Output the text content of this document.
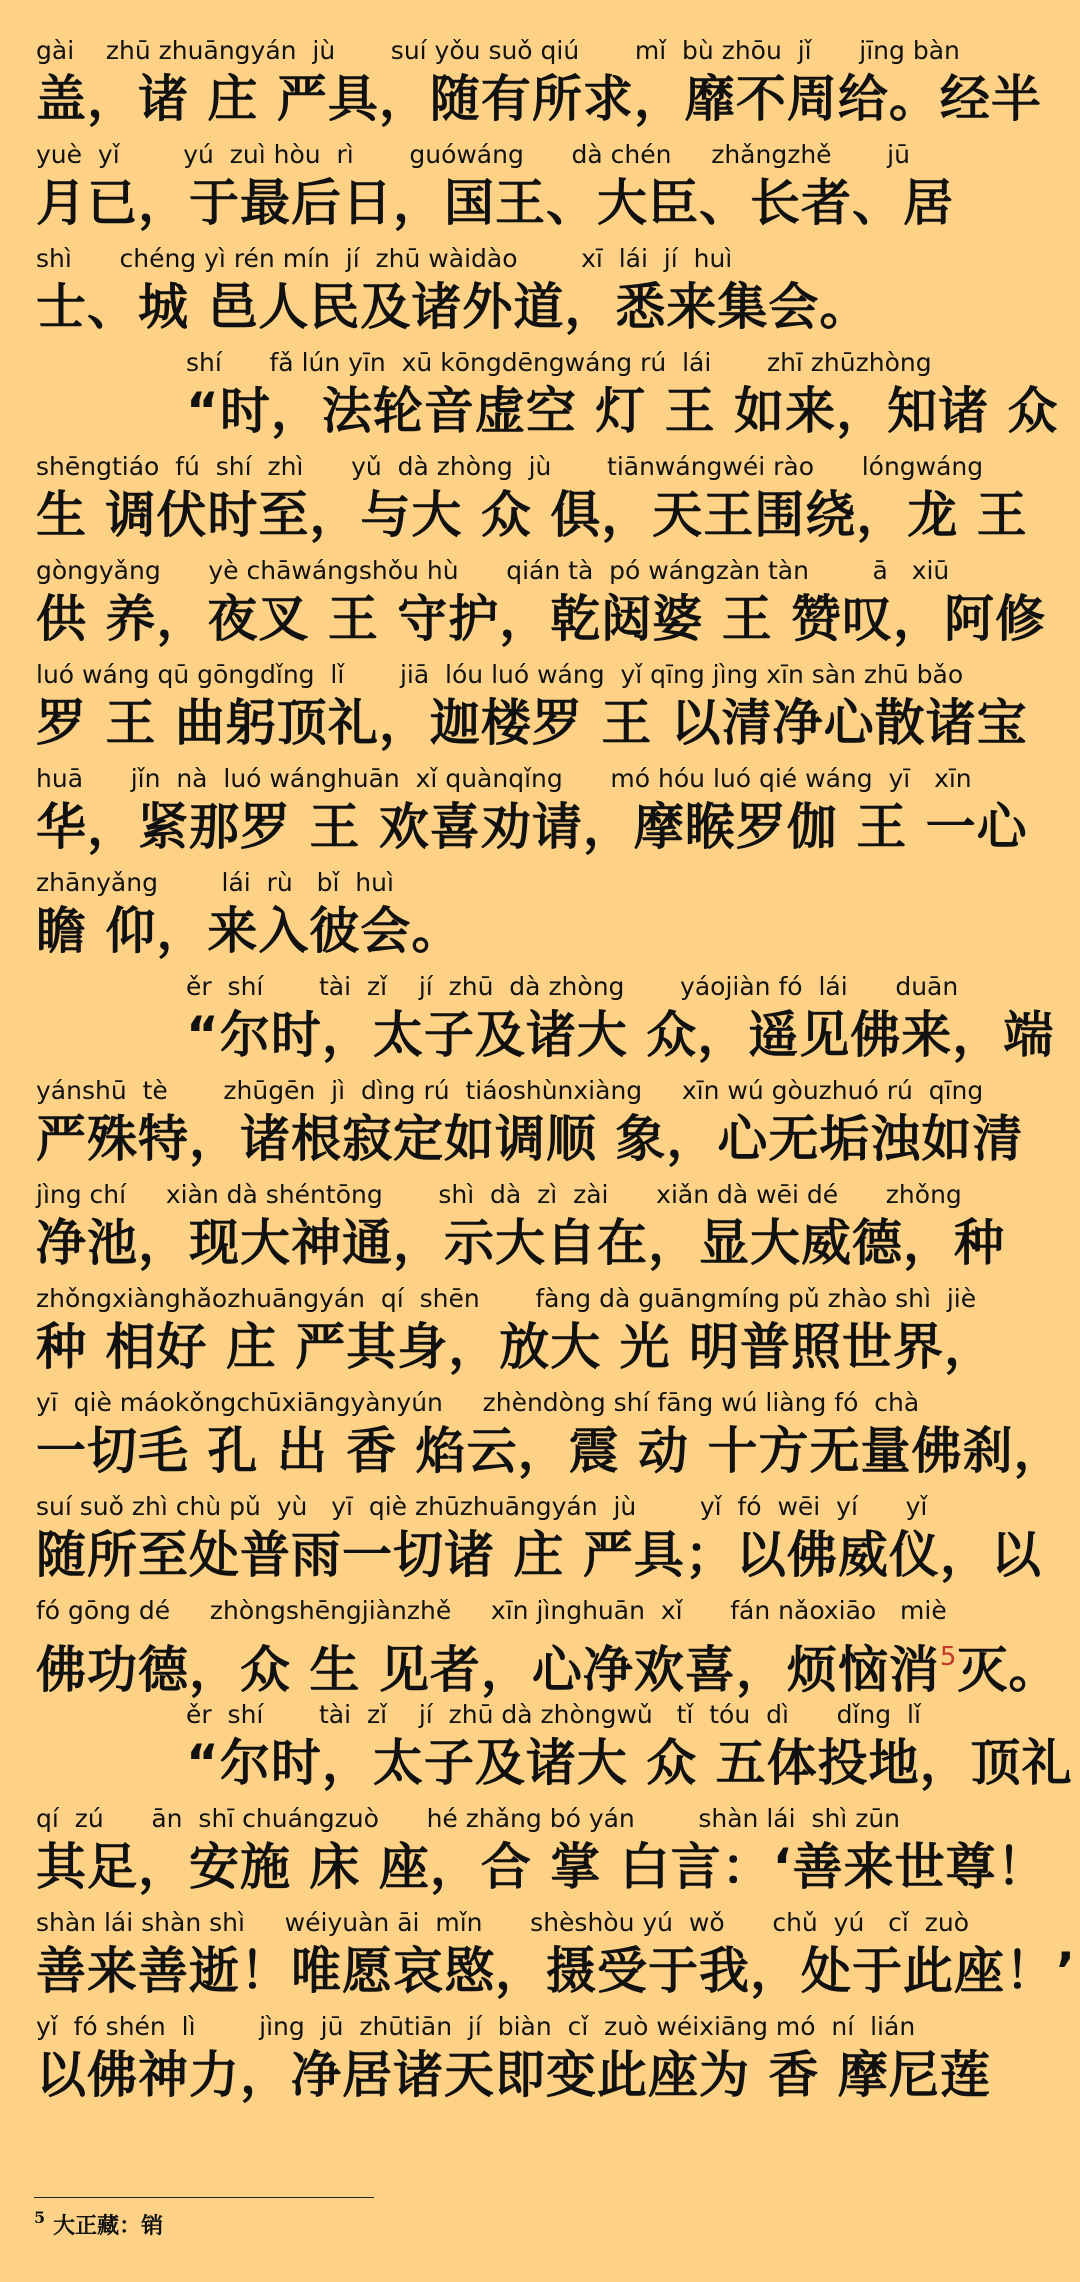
gài    zhū zhuāngyán  jù       suí yǒu suǒ qiú       mǐ  bù zhōu  jǐ      jīng bàn
盖，诸 庄 严具，随有所求，靡不周给。经半
yuè  yǐ        yú  zuì hòu  rì       guówáng      dà chén     zhǎngzhě       jū
月已，于最后日，国王、大臣、长者、居
shì      chéng yì rén mín  jí  zhū wàidào        xī  lái  jí  huì
士、城 邑人民及诸外道，悉来集会。
shí      fǎ lún yīn  xū kōngdēngwáng rú  lái       zhī zhūzhòng
“时，法轮音虚空 灯 王 如来，知诸 众
shēngtiáo  fú  shí  zhì      yǔ  dà zhòng  jù       tiānwángwéi rào      lóngwáng
生 调伏时至，与大 众 俱，天王围绕，龙 王
gòngyǎng      yè chāwángshǒu hù      qián tà  pó wángzàn tàn        ā   xiū
供 养，夜叉 王 守护，乾闼婆 王 赞叹，阿修
luó wáng qū gōngdǐng  lǐ       jiā  lóu luó wáng  yǐ qīng jìng xīn sàn zhū bǎo
罗 王 曲躬顶礼，迦楼罗 王 以清净心散诸宝
huā      jǐn  nà  luó wánghuān  xǐ quànqǐng      mó hóu luó qié wáng  yī   xīn
华，紧那罗 王 欢喜劝请，摩睺罗伽 王 一心
zhānyǎng        lái  rù   bǐ  huì
瞻 仰，来入彼会。
ěr  shí       tài  zǐ    jí  zhū  dà zhòng       yáojiàn fó  lái      duān
“尔时，太子及诸大 众，遥见佛来，端
yánshū  tè       zhūgēn  jì  dìng rú  tiáoshùnxiàng     xīn wú gòuzhuó rú  qīng
严殊特，诸根寂定如调顺 象，心无垢浊如清
jìng chí     xiàn dà shéntōng       shì  dà  zì  zài      xiǎn dà wēi dé      zhǒng
净池，现大神通，示大自在，显大威德，种
zhǒngxiànghǎozhuāngyán  qí  shēn       fàng dà guāngmíng pǔ zhào shì  jiè
种 相好 庄 严其身，放大 光 明普照世界，
yī  qiè máokǒngchūxiāngyànyún     zhèndòng shí fāng wú liàng fó  chà
一切毛 孔 出 香 焰云，震 动 十方无量佛刹，
suí suǒ zhì chù pǔ  yù   yī  qiè zhūzhuāngyán  jù        yǐ  fó  wēi  yí      yǐ
随所至处普雨一切诸 庄 严具；以佛威仪，以
fó gōng dé     zhòngshēngjiànzhě     xīn jìnghuān  xǐ      fán nǎoxiāo   miè
佛功德，众 生 见者，心净欢喜，烦恼消$^5$灭。
ěr  shí       tài  zǐ    jí  zhū dà zhòngwǔ   tǐ  tóu  dì      dǐng  lǐ
“尔时，太子及诸大 众 五体投地，顶礼
qí  zú      ān  shī chuángzuò      hé zhǎng bó yán        shàn lái  shì zūn
其足，安施 床 座，合 掌 白言：‘善来世尊！
shàn lái shàn shì     wéiyuàn āi  mǐn      shèshòu yú  wǒ      chǔ  yú   cǐ  zuò
善来善逝！唯愿哀愍，摄受于我，处于此座！’
yǐ  fó shén  lì        jìng  jū  zhūtiān  jí  biàn  cǐ  zuò wéixiāng mó  ní  lián
以佛神力，净居诸天即变此座为 香 摩尼莲
$^5$ 大正藏：销
